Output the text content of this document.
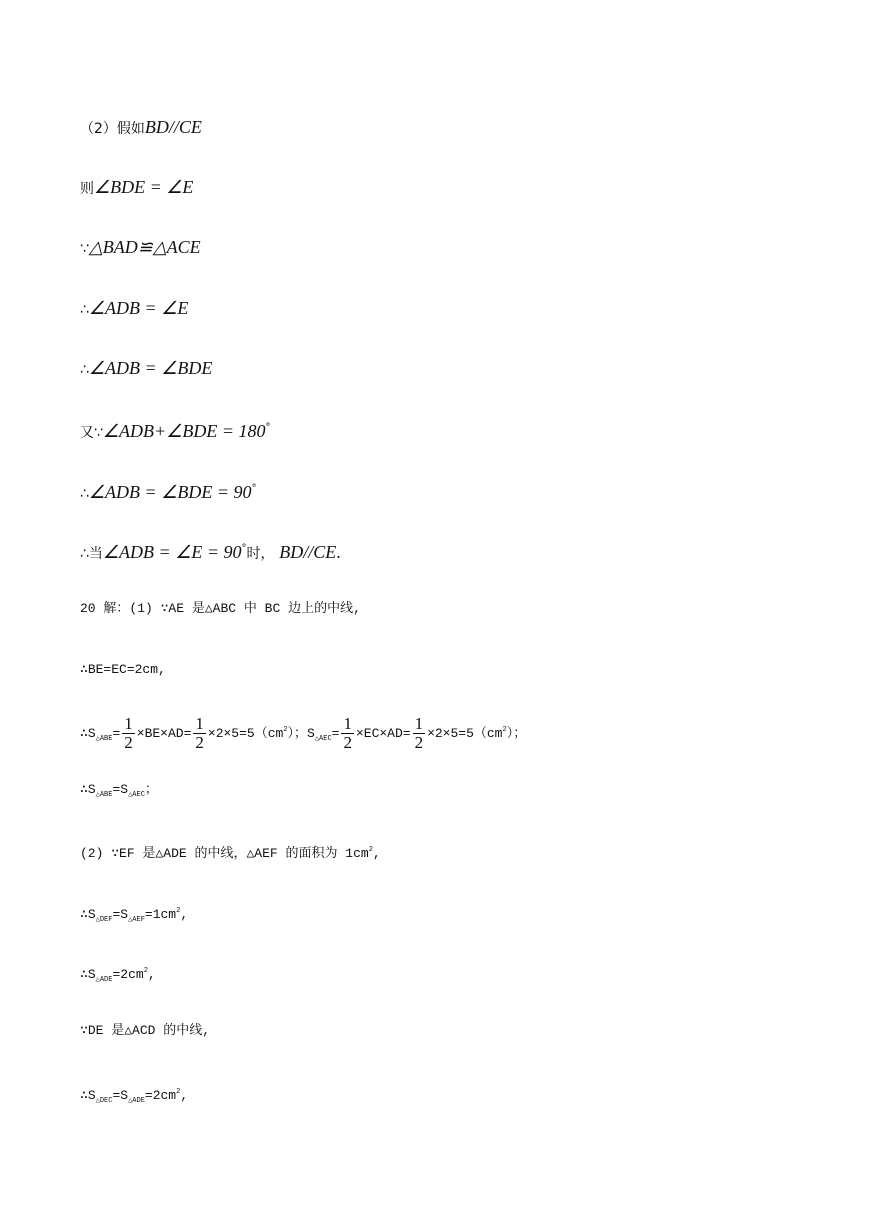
（2）假如BD//CE
则∠BDE = ∠E
∵△BAD≌△ACE
∴∠ADB = ∠E
∴∠ADB = ∠BDE
又∵∠ADB+∠BDE = 180°
∴∠ADB = ∠BDE = 90°
∴当∠ADB = ∠E = 90°时， BD//CE.
20 解：(1) ∵AE 是△ABC 中 BC 边上的中线,
∴BE=EC=2cm,
$\therefore S_{\triangle ABE}= \frac{1}{2} \times BE\times AD= \frac{1}{2} \times 2\times 5=5(cm^2)$；$S_{\triangle AEC}= \frac{1}{2} \times EC\times AD= \frac{1}{2} \times 2\times 5=5(cm^2)$；
$\therefore S_{\triangle ABE}=S_{\triangle AEC}$；
(2) ∵EF 是△ADE 的中线，△AEF 的面积为 $1cm^2$,
$\therefore S_{\triangle DEF}=S_{\triangle AEF}=1cm^2$,
$\therefore S_{\triangle ADE}=2cm^2$,
∵DE 是△ACD 的中线,
$\therefore S_{\triangle DEC}=S_{\triangle ADE}=2cm^2$,
